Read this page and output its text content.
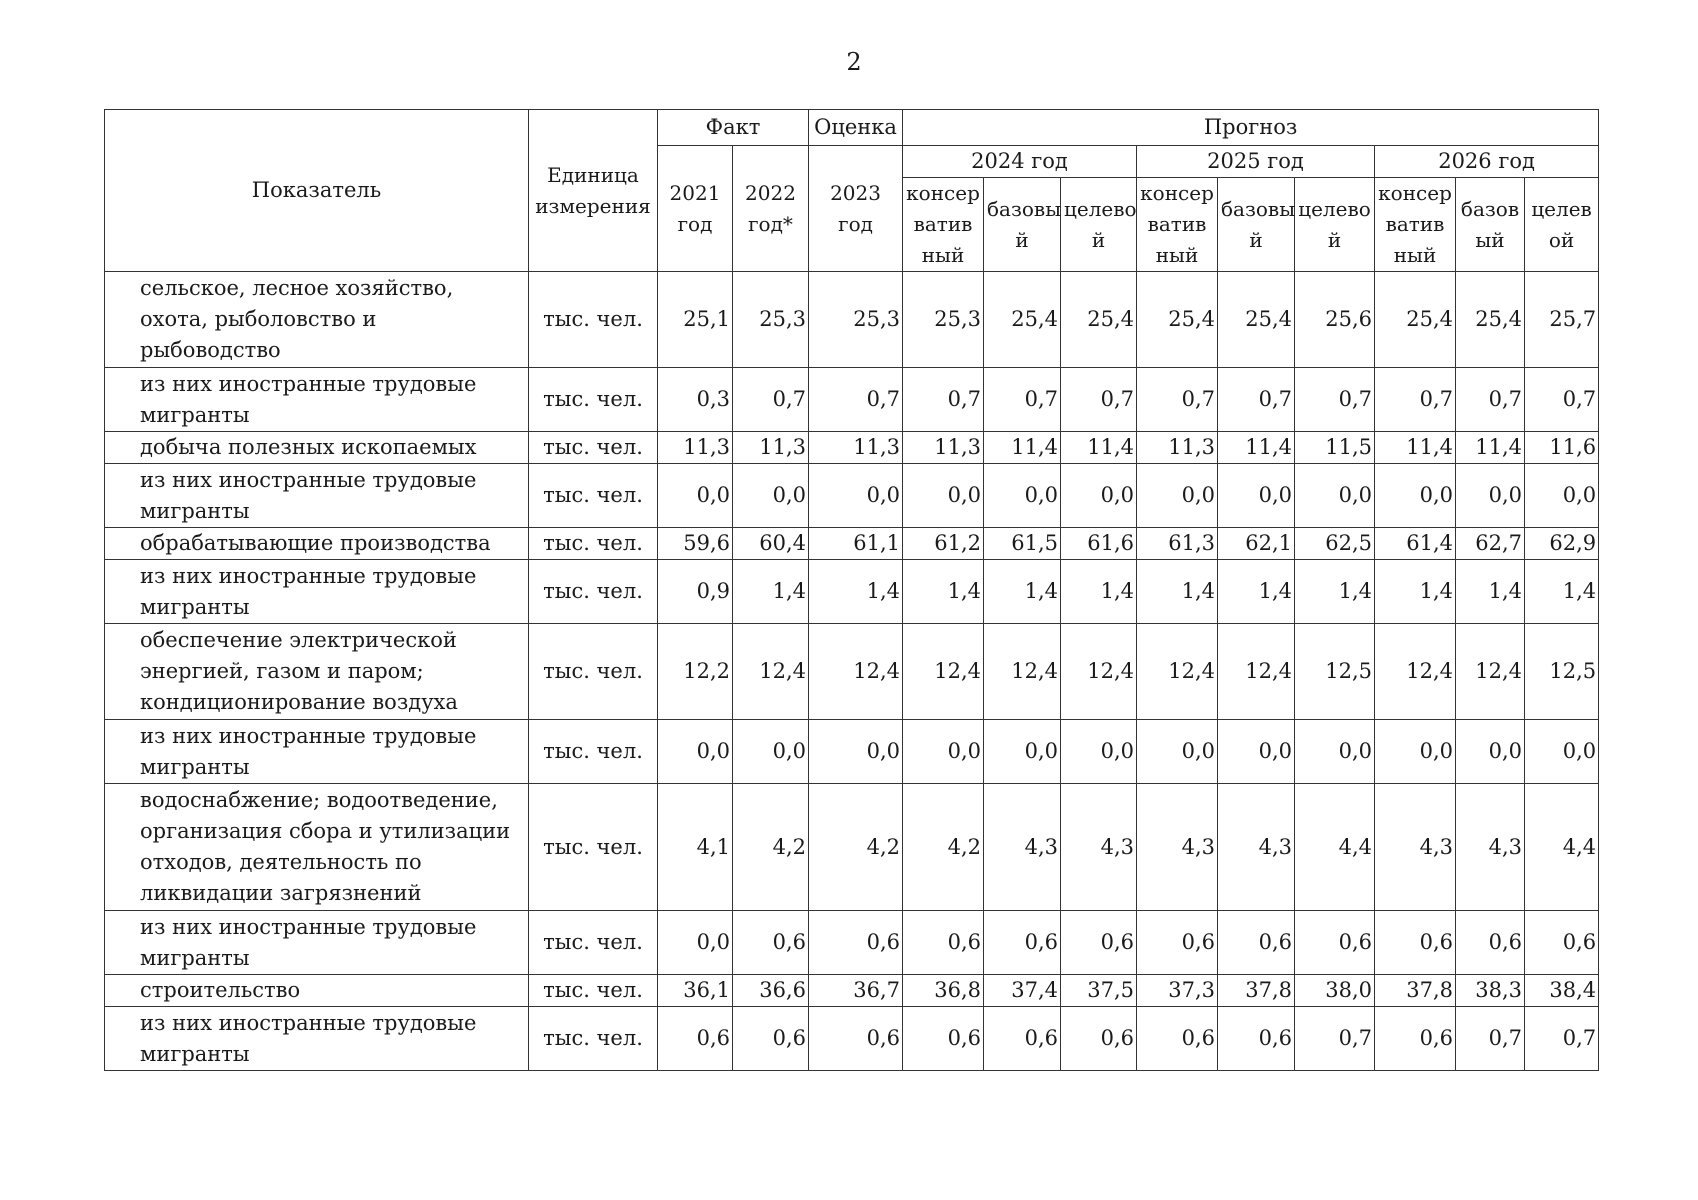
2
Показатель	Единица измерения	Факт		Оценка	Прогноз								
		2021 год	2022 год*	2023 год	2024 год			2025 год			2026 год		
					консер ватив ный	базовы й	целево й	консер ватив ный	базовы й	целево й	консер ватив ный	базов ый	целев ой
сельское, лесное хозяйство, охота, рыболовство и рыбоводство	тыс. чел.	25,1	25,3	25,3	25,3	25,4	25,4	25,4	25,4	25,6	25,4	25,4	25,7
из них иностранные трудовые мигранты	тыс. чел.	0,3	0,7	0,7	0,7	0,7	0,7	0,7	0,7	0,7	0,7	0,7	0,7
добыча полезных ископаемых	тыс. чел.	11,3	11,3	11,3	11,3	11,4	11,4	11,3	11,4	11,5	11,4	11,4	11,6
из них иностранные трудовые мигранты	тыс. чел.	0,0	0,0	0,0	0,0	0,0	0,0	0,0	0,0	0,0	0,0	0,0	0,0
обрабатывающие производства	тыс. чел.	59,6	60,4	61,1	61,2	61,5	61,6	61,3	62,1	62,5	61,4	62,7	62,9
из них иностранные трудовые мигранты	тыс. чел.	0,9	1,4	1,4	1,4	1,4	1,4	1,4	1,4	1,4	1,4	1,4	1,4
обеспечение электрической энергией, газом и паром; кондиционирование воздуха	тыс. чел.	12,2	12,4	12,4	12,4	12,4	12,4	12,4	12,4	12,5	12,4	12,4	12,5
из них иностранные трудовые мигранты	тыс. чел.	0,0	0,0	0,0	0,0	0,0	0,0	0,0	0,0	0,0	0,0	0,0	0,0
водоснабжение; водоотведение, организация сбора и утилизации отходов, деятельность по ликвидации загрязнений	тыс. чел.	4,1	4,2	4,2	4,2	4,3	4,3	4,3	4,3	4,4	4,3	4,3	4,4
из них иностранные трудовые мигранты	тыс. чел.	0,0	0,6	0,6	0,6	0,6	0,6	0,6	0,6	0,6	0,6	0,6	0,6
строительство	тыс. чел.	36,1	36,6	36,7	36,8	37,4	37,5	37,3	37,8	38,0	37,8	38,3	38,4
из них иностранные трудовые мигранты	тыс. чел.	0,6	0,6	0,6	0,6	0,6	0,6	0,6	0,6	0,7	0,6	0,7	0,7
